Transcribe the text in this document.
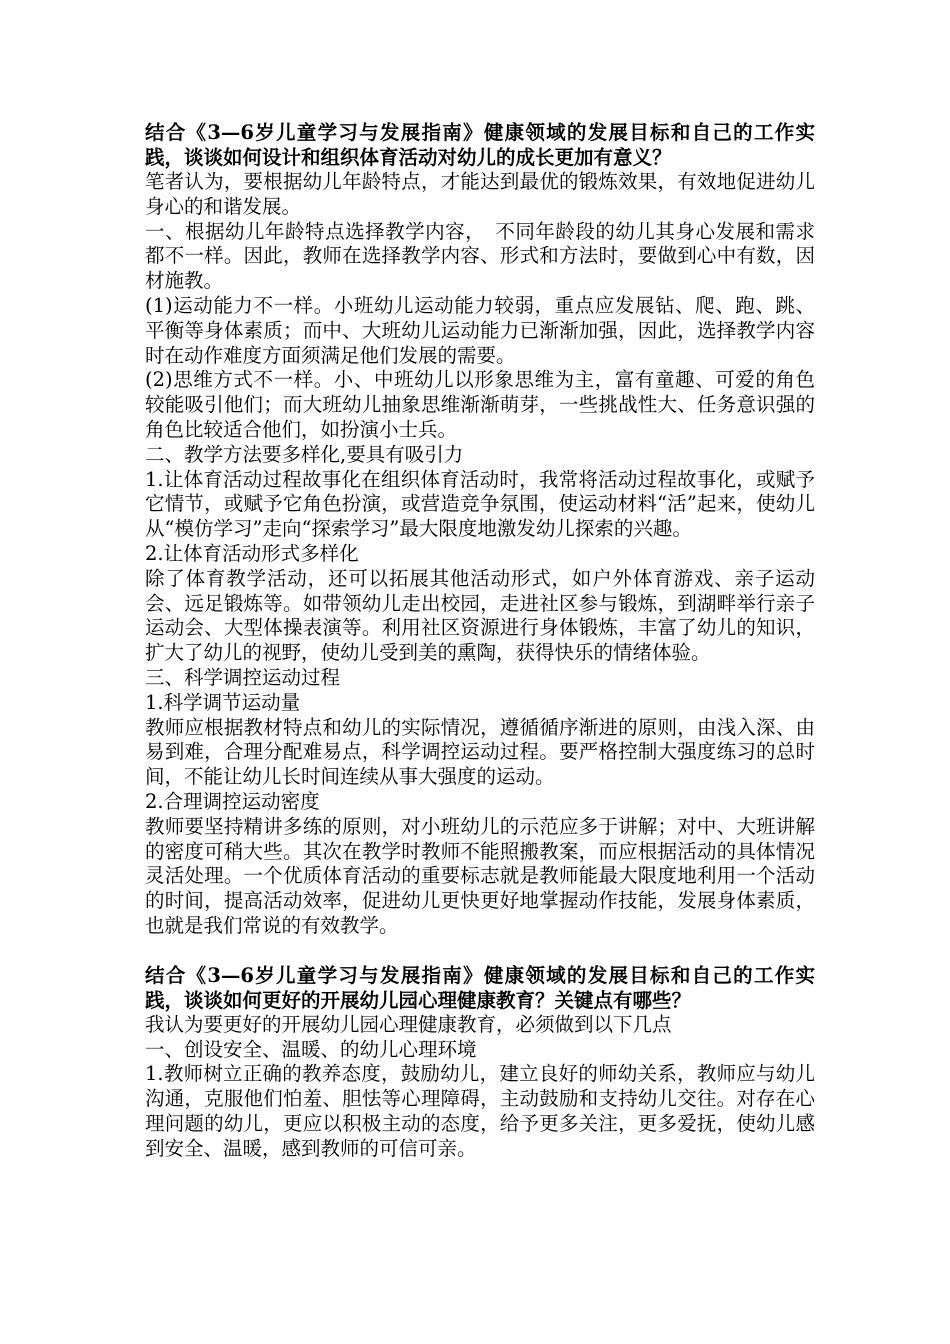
结合《3—6岁儿童学习与发展指南》健康领域的发展目标和自己的工作实践，谈谈如何设计和组织体育活动对幼儿的成长更加有意义？

笔者认为，要根据幼儿年龄特点，才能达到最优的锻炼效果，有效地促进幼儿身心的和谐发展。

一、根据幼儿年龄特点选择教学内容，　不同年龄段的幼儿其身心发展和需求都不一样。因此，教师在选择教学内容、形式和方法时，要做到心中有数，因材施教。

(1)运动能力不一样。小班幼儿运动能力较弱，重点应发展钻、爬、跑、跳、平衡等身体素质；而中、大班幼儿运动能力已渐渐加强，因此，选择教学内容时在动作难度方面须满足他们发展的需要。

(2)思维方式不一样。小、中班幼儿以形象思维为主，富有童趣、可爱的角色较能吸引他们；而大班幼儿抽象思维渐渐萌芽，一些挑战性大、任务意识强的角色比较适合他们，如扮演小士兵。

二、教学方法要多样化,要具有吸引力

1.让体育活动过程故事化在组织体育活动时，我常将活动过程故事化，或赋予它情节，或赋予它角色扮演，或营造竞争氛围，使运动材料“活”起来，使幼儿从“模仿学习”走向“探索学习”最大限度地激发幼儿探索的兴趣。

2.让体育活动形式多样化

除了体育教学活动，还可以拓展其他活动形式，如户外体育游戏、亲子运动会、远足锻炼等。如带领幼儿走出校园，走进社区参与锻炼，到湖畔举行亲子运动会、大型体操表演等。利用社区资源进行身体锻炼，丰富了幼儿的知识，扩大了幼儿的视野，使幼儿受到美的熏陶，获得快乐的情绪体验。

三、科学调控运动过程

1.科学调节运动量

教师应根据教材特点和幼儿的实际情况，遵循循序渐进的原则，由浅入深、由易到难，合理分配难易点，科学调控运动过程。要严格控制大强度练习的总时间，不能让幼儿长时间连续从事大强度的运动。

2.合理调控运动密度

教师要坚持精讲多练的原则，对小班幼儿的示范应多于讲解；对中、大班讲解的密度可稍大些。其次在教学时教师不能照搬教案，而应根据活动的具体情况灵活处理。一个优质体育活动的重要标志就是教师能最大限度地利用一个活动的时间，提高活动效率，促进幼儿更快更好地掌握动作技能，发展身体素质，也就是我们常说的有效教学。

结合《3—6岁儿童学习与发展指南》健康领域的发展目标和自己的工作实践，谈谈如何更好的开展幼儿园心理健康教育？关键点有哪些？

我认为要更好的开展幼儿园心理健康教育，必须做到以下几点

一、创设安全、温暖、的幼儿心理环境

1.教师树立正确的教养态度，鼓励幼儿，建立良好的师幼关系，教师应与幼儿沟通，克服他们怕羞、胆怯等心理障碍，主动鼓励和支持幼儿交往。对存在心理问题的幼儿，更应以积极主动的态度，给予更多关注，更多爱抚，使幼儿感到安全、温暖，感到教师的可信可亲。
